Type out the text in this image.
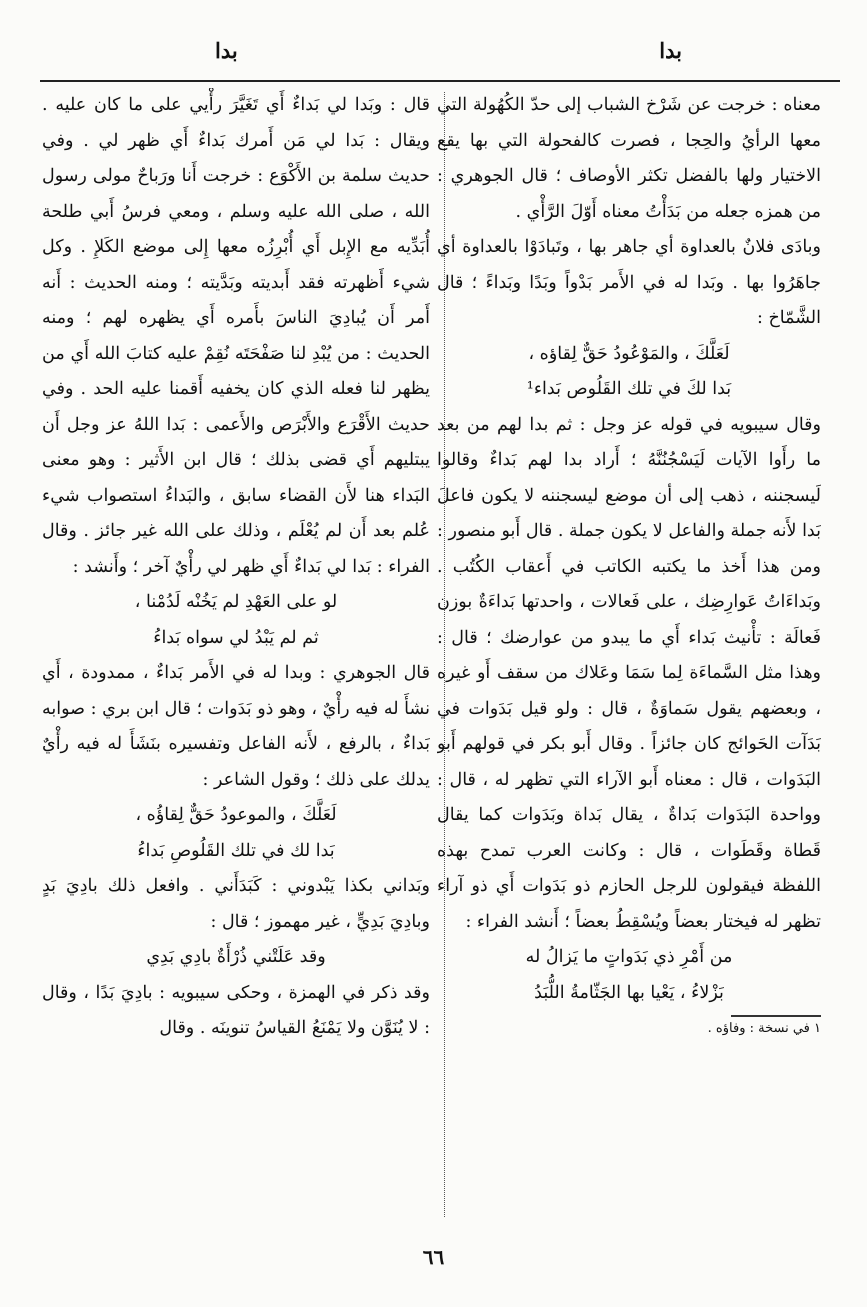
بدا
بدا

معناه : خرجت عن شَرْخ الشباب إلى حدّ الكُهُولة التي معها الرأيُ والحِجا ، فصرت كالفحولة التي بها يقع الاختيار ولها بالفضل تكثر الأوصاف ؛ قال الجوهري : من همزه جعله من بَدَأْتُ معناه أَوّلَ الرَّأْي .

وبادَى فلانٌ بالعداوة أي جاهر بها ، وتَبادَوْا بالعداوة أي جاهَرُوا بها . وبَدا له في الأَمر بَدْواً وبَدًا وبَداءً ؛ قال الشَّمّاخ :

لَعَلَّكَ ، والمَوْعُودُ حَقٌّ لِقاؤه ،
بَدا لكَ في تلك القَلُوص بَداء¹

وقال سيبويه في قوله عز وجل : ثم بدا لهم من بعد ما رأَوا الآيات لَيَسْجُنُنَّهُ ؛ أَراد بدا لهم بَداءٌ وقالوا لَيسجننه ، ذهب إلى أن موضع ليسجننه لا يكون فاعلَ بَدا لأَنه جملة والفاعل لا يكون جملة . قال أَبو منصور : ومن هذا أَخذ ما يكتبه الكاتب في أَعقاب الكُتُب . وبَداءَاتُ عَوارِضِك ، على فَعالات ، واحدتها بَداءَةٌ بوزن فَعالَة : تأْنيث بَداء أَي ما يبدو من عوارضك ؛ قال : وهذا مثل السَّماءَة لِما سَمَا وعَلاك من سقف أَو غيره ، وبعضهم يقول سَماوَةٌ ، قال : ولو قيل بَدَوات في بَدَآت الحَوائج كان جائزاً . وقال أَبو بكر في قولهم أَبو البَدَوات ، قال : معناه أَبو الآراء التي تظهر له ، قال : وواحدة البَدَوات بَداةٌ ، يقال بَداة وبَدَوات كما يقال قَطاة وقَطَوات ، قال : وكانت العرب تمدح بهذه اللفظة فيقولون للرجل الحازم ذو بَدَوات أَي ذو آراء تظهر له فيختار بعضاً ويُسْقِطُ بعضاً ؛ أَنشد الفراء :

من أَمْرِ ذي بَدَواتٍ ما يَزالُ له
بَزْلاءُ ، يَعْيا بها الجَثّامةُ اللُّبَدُ

١ في نسخة : وفاؤه .

قال : وبَدا لي بَداءٌ أَي تَغَيَّرَ رأْيي على ما كان عليه . ويقال : بَدا لي مَن أَمرك بَداءٌ أَي ظهر لي . وفي حديث سلمة بن الأَكْوَع : خرجت أَنا ورَباحٌ مولى رسول الله ، صلى الله عليه وسلم ، ومعي فرسُ أَبي طلحة أُبَدِّيه مع الإِبل أَي أُبْرِزُه معها إِلى موضع الكَلإِ . وكل شيء أَظهرته فقد أَبديته وبَدَّيته ؛ ومنه الحديث : أَنه أَمر أَن يُبادِيَ الناسَ بأَمره أَي يظهره لهم ؛ ومنه الحديث : من يُبْدِ لنا صَفْحَتَه نُقِمْ عليه كتابَ الله أَي من يظهر لنا فعله الذي كان يخفيه أَقمنا عليه الحد . وفي حديث الأَقْرَع والأَبْرَص والأَعمى : بَدا اللهُ عز وجل أَن يبتليهم أَي قضى بذلك ؛ قال ابن الأَثير : وهو معنى البَداء هنا لأَن القضاء سابق ، والبَداءُ استصواب شيء عُلم بعد أَن لم يُعْلَم ، وذلك على الله غير جائز . وقال الفراء : بَدا لي بَداءٌ أَي ظهر لي رأْيٌ آخر ؛ وأَنشد :

لو على العَهْدِ لم يَخُنْه لَدُمْنا ،
ثم لم يَبْدُ لي سواه بَداءُ

قال الجوهري : وبدا له في الأَمر بَداءٌ ، ممدودة ، أَي نشأَ له فيه رأْيٌ ، وهو ذو بَدَوات ؛ قال ابن بري : صوابه بَداءٌ ، بالرفع ، لأَنه الفاعل وتفسيره بنَشَأَ له فيه رأْيٌ يدلك على ذلك ؛ وقول الشاعر :

لَعَلَّكَ ، والموعودُ حَقٌّ لِقاؤُه ،
بَدا لك في تلك القَلُوصِ بَداءُ

وبَداني بكذا يَبْدوني : كَبَدَأَني . وافعل ذلك بادِيَ بَدٍ وبادِيَ بَدِيٍّ ، غير مهموز ؛ قال :

وقد عَلَتْني ذُرْأَةٌ بادِي بَدِي

وقد ذكر في الهمزة ، وحكى سيبويه : بادِيَ بَدًا ، وقال : لا يُنَوَّن ولا يَمْنَعُ القياسُ تنوينَه . وقال

٦٦
